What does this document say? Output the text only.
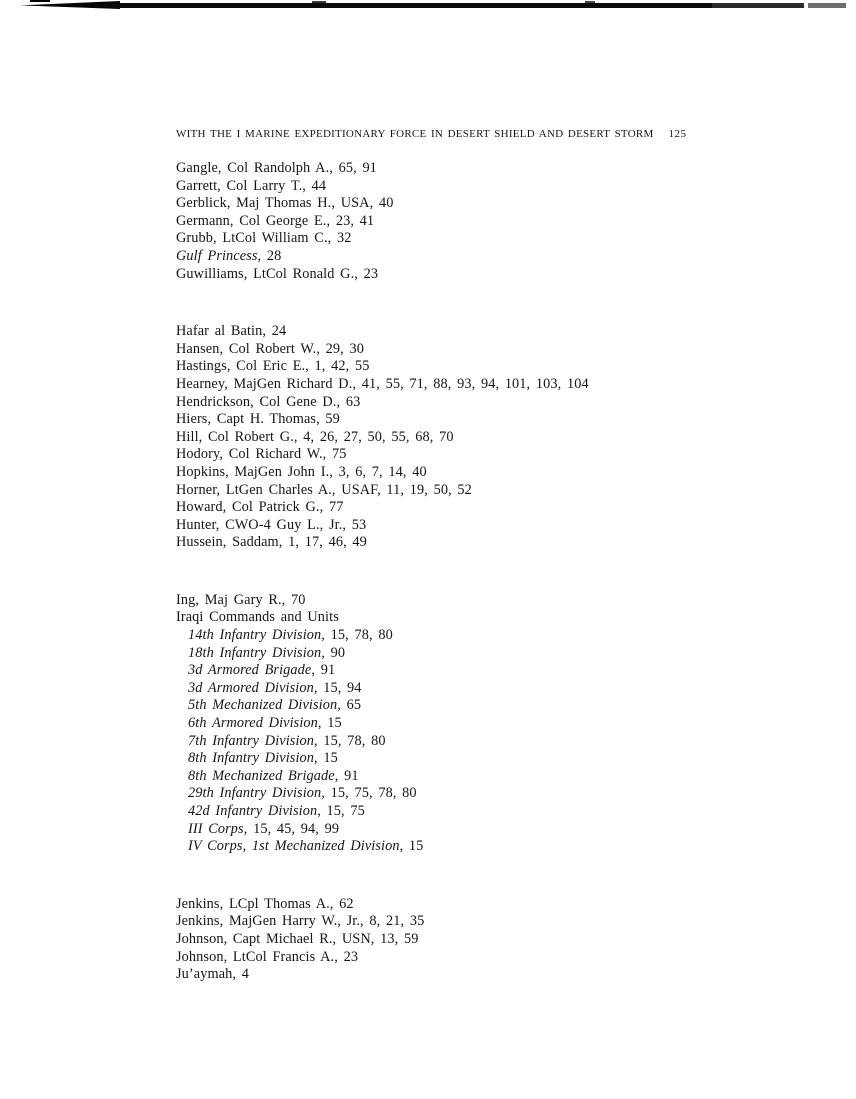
WITH THE I MARINE EXPEDITIONARY FORCE IN DESERT SHIELD AND DESERT STORM 125
Gangle, Col Randolph A., 65, 91
Garrett, Col Larry T., 44
Gerblick, Maj Thomas H., USA, 40
Germann, Col George E., 23, 41
Grubb, LtCol William C., 32
Gulf Princess, 28
Guwilliams, LtCol Ronald G., 23
Hafar al Batin, 24
Hansen, Col Robert W., 29, 30
Hastings, Col Eric E., 1, 42, 55
Hearney, MajGen Richard D., 41, 55, 71, 88, 93, 94, 101, 103, 104
Hendrickson, Col Gene D., 63
Hiers, Capt H. Thomas, 59
Hill, Col Robert G., 4, 26, 27, 50, 55, 68, 70
Hodory, Col Richard W., 75
Hopkins, MajGen John I., 3, 6, 7, 14, 40
Horner, LtGen Charles A., USAF, 11, 19, 50, 52
Howard, Col Patrick G., 77
Hunter, CWO-4 Guy L., Jr., 53
Hussein, Saddam, 1, 17, 46, 49
Ing, Maj Gary R., 70
Iraqi Commands and Units
14th Infantry Division, 15, 78, 80
18th Infantry Division, 90
3d Armored Brigade, 91
3d Armored Division, 15, 94
5th Mechanized Division, 65
6th Armored Division, 15
7th Infantry Division, 15, 78, 80
8th Infantry Division, 15
8th Mechanized Brigade, 91
29th Infantry Division, 15, 75, 78, 80
42d Infantry Division, 15, 75
III Corps, 15, 45, 94, 99
IV Corps, 1st Mechanized Division, 15
Jenkins, LCpl Thomas A., 62
Jenkins, MajGen Harry W., Jr., 8, 21, 35
Johnson, Capt Michael R., USN, 13, 59
Johnson, LtCol Francis A., 23
Ju’aymah, 4
